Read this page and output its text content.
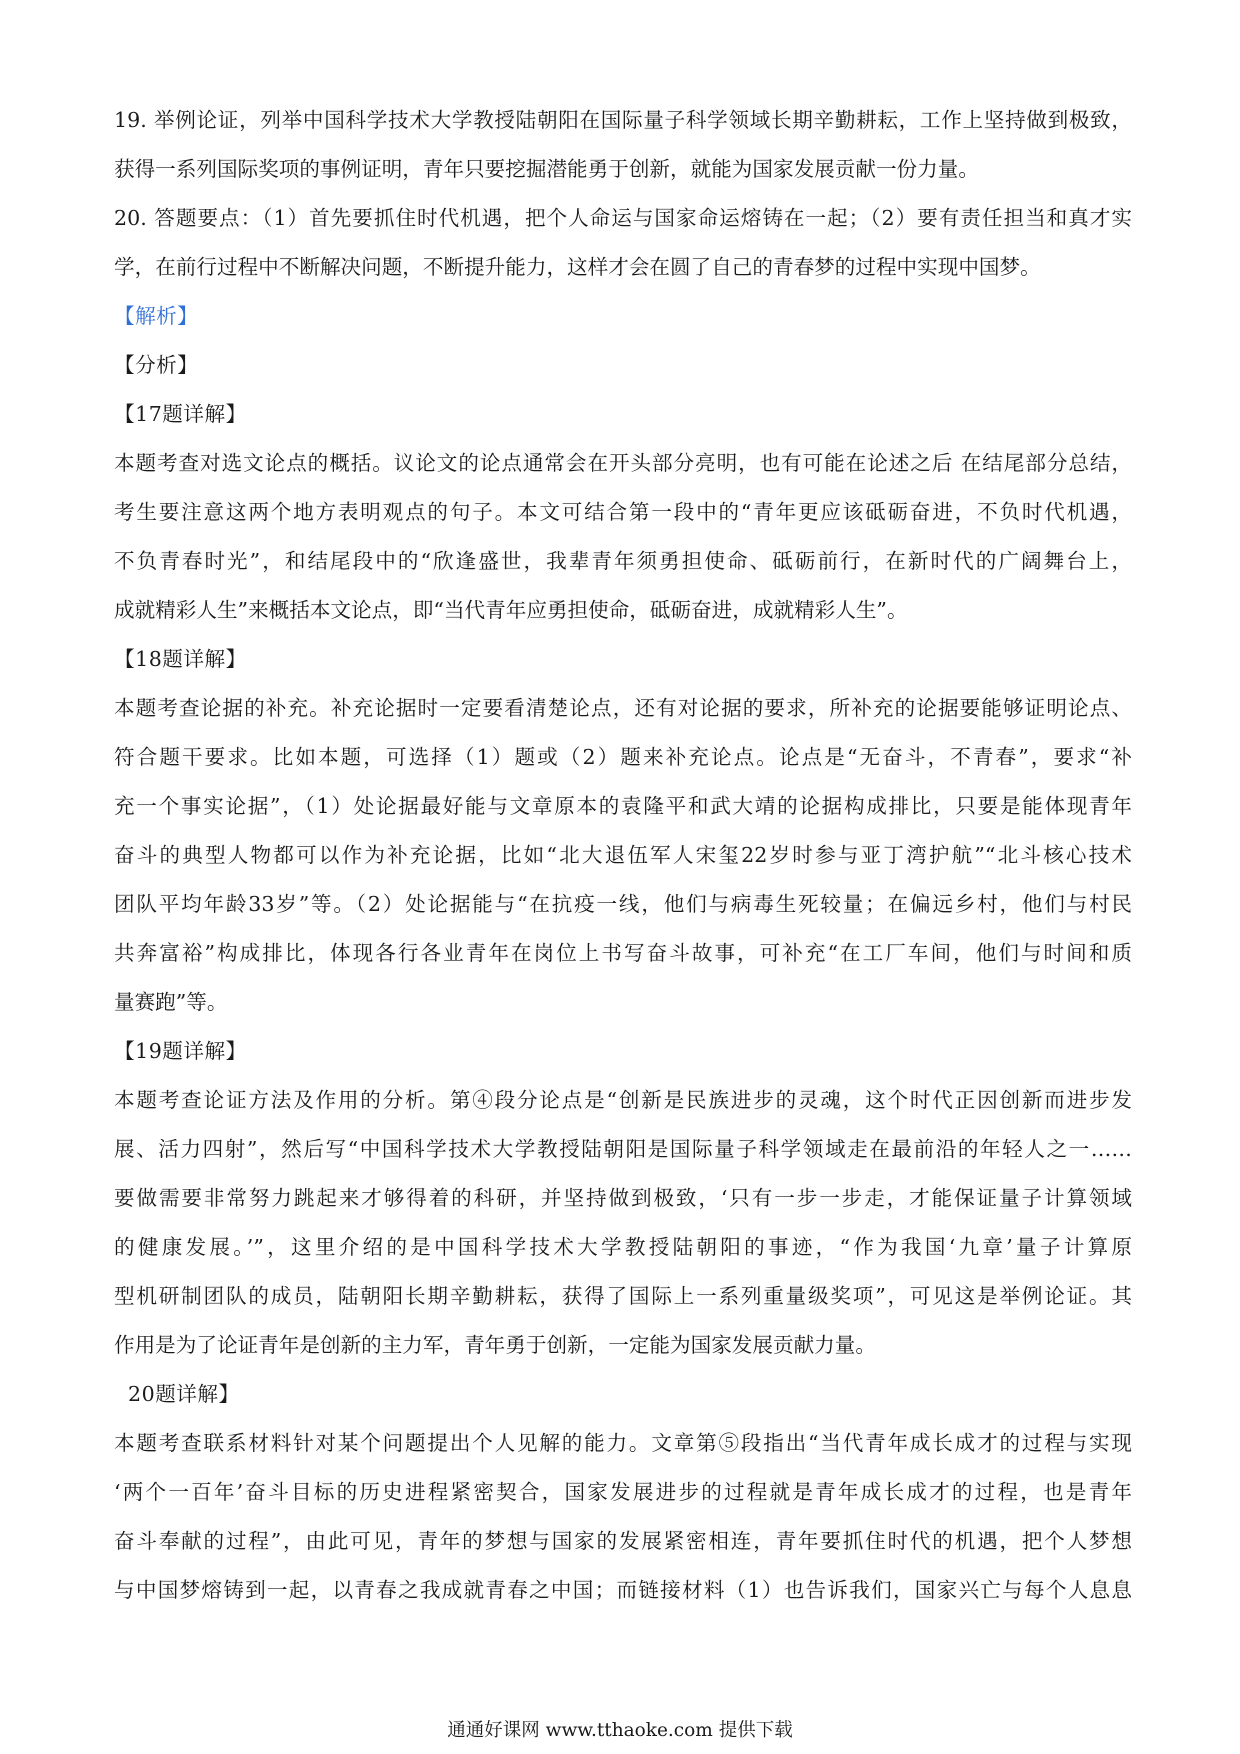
19. 举例论证，列举中国科学技术大学教授陆朝阳在国际量子科学领域长期辛勤耕耘，工作上坚持做到极致，
获得一系列国际奖项的事例证明，青年只要挖掘潜能勇于创新，就能为国家发展贡献一份力量。
20. 答题要点：（1）首先要抓住时代机遇，把个人命运与国家命运熔铸在一起；（2）要有责任担当和真才实
学，在前行过程中不断解决问题，不断提升能力，这样才会在圆了自己的青春梦的过程中实现中国梦。
【解析】
【分析】
【17题详解】
本题考查对选文论点的概括。议论文的论点通常会在开头部分亮明，也有可能在论述之后 在结尾部分总结，
考生要注意这两个地方表明观点的句子。本文可结合第一段中的“青年更应该砥砺奋进，不负时代机遇，
不负青春时光”，和结尾段中的“欣逢盛世，我辈青年须勇担使命、砥砺前行，在新时代的广阔舞台上，
成就精彩人生”来概括本文论点，即“当代青年应勇担使命，砥砺奋进，成就精彩人生”。
【18题详解】
本题考查论据的补充。补充论据时一定要看清楚论点，还有对论据的要求，所补充的论据要能够证明论点、
符合题干要求。比如本题，可选择（1）题或（2）题来补充论点。论点是“无奋斗，不青春”，要求“补
充一个事实论据”，（1）处论据最好能与文章原本的袁隆平和武大靖的论据构成排比，只要是能体现青年
奋斗的典型人物都可以作为补充论据，比如“北大退伍军人宋玺22岁时参与亚丁湾护航”“北斗核心技术
团队平均年龄33岁”等。（2）处论据能与“在抗疫一线，他们与病毒生死较量；在偏远乡村，他们与村民
共奔富裕”构成排比，体现各行各业青年在岗位上书写奋斗故事，可补充“在工厂车间，他们与时间和质
量赛跑”等。
【19题详解】
本题考查论证方法及作用的分析。第④段分论点是“创新是民族进步的灵魂，这个时代正因创新而进步发
展、活力四射”，然后写“中国科学技术大学教授陆朝阳是国际量子科学领域走在最前沿的年轻人之一……
要做需要非常努力跳起来才够得着的科研，并坚持做到极致，‘只有一步一步走，才能保证量子计算领域
的健康发展。’”，这里介绍的是中国科学技术大学教授陆朝阳的事迹，“作为我国‘九章’量子计算原
型机研制团队的成员，陆朝阳长期辛勤耕耘，获得了国际上一系列重量级奖项”，可见这是举例论证。其
作用是为了论证青年是创新的主力军，青年勇于创新，一定能为国家发展贡献力量。
20题详解】
本题考查联系材料针对某个问题提出个人见解的能力。文章第⑤段指出“当代青年成长成才的过程与实现
‘两个一百年’奋斗目标的历史进程紧密契合，国家发展进步的过程就是青年成长成才的过程，也是青年
奋斗奉献的过程”，由此可见，青年的梦想与国家的发展紧密相连，青年要抓住时代的机遇，把个人梦想
与中国梦熔铸到一起，以青春之我成就青春之中国；而链接材料（1）也告诉我们，国家兴亡与每个人息息
通通好课网 www.tthaoke.com 提供下载
